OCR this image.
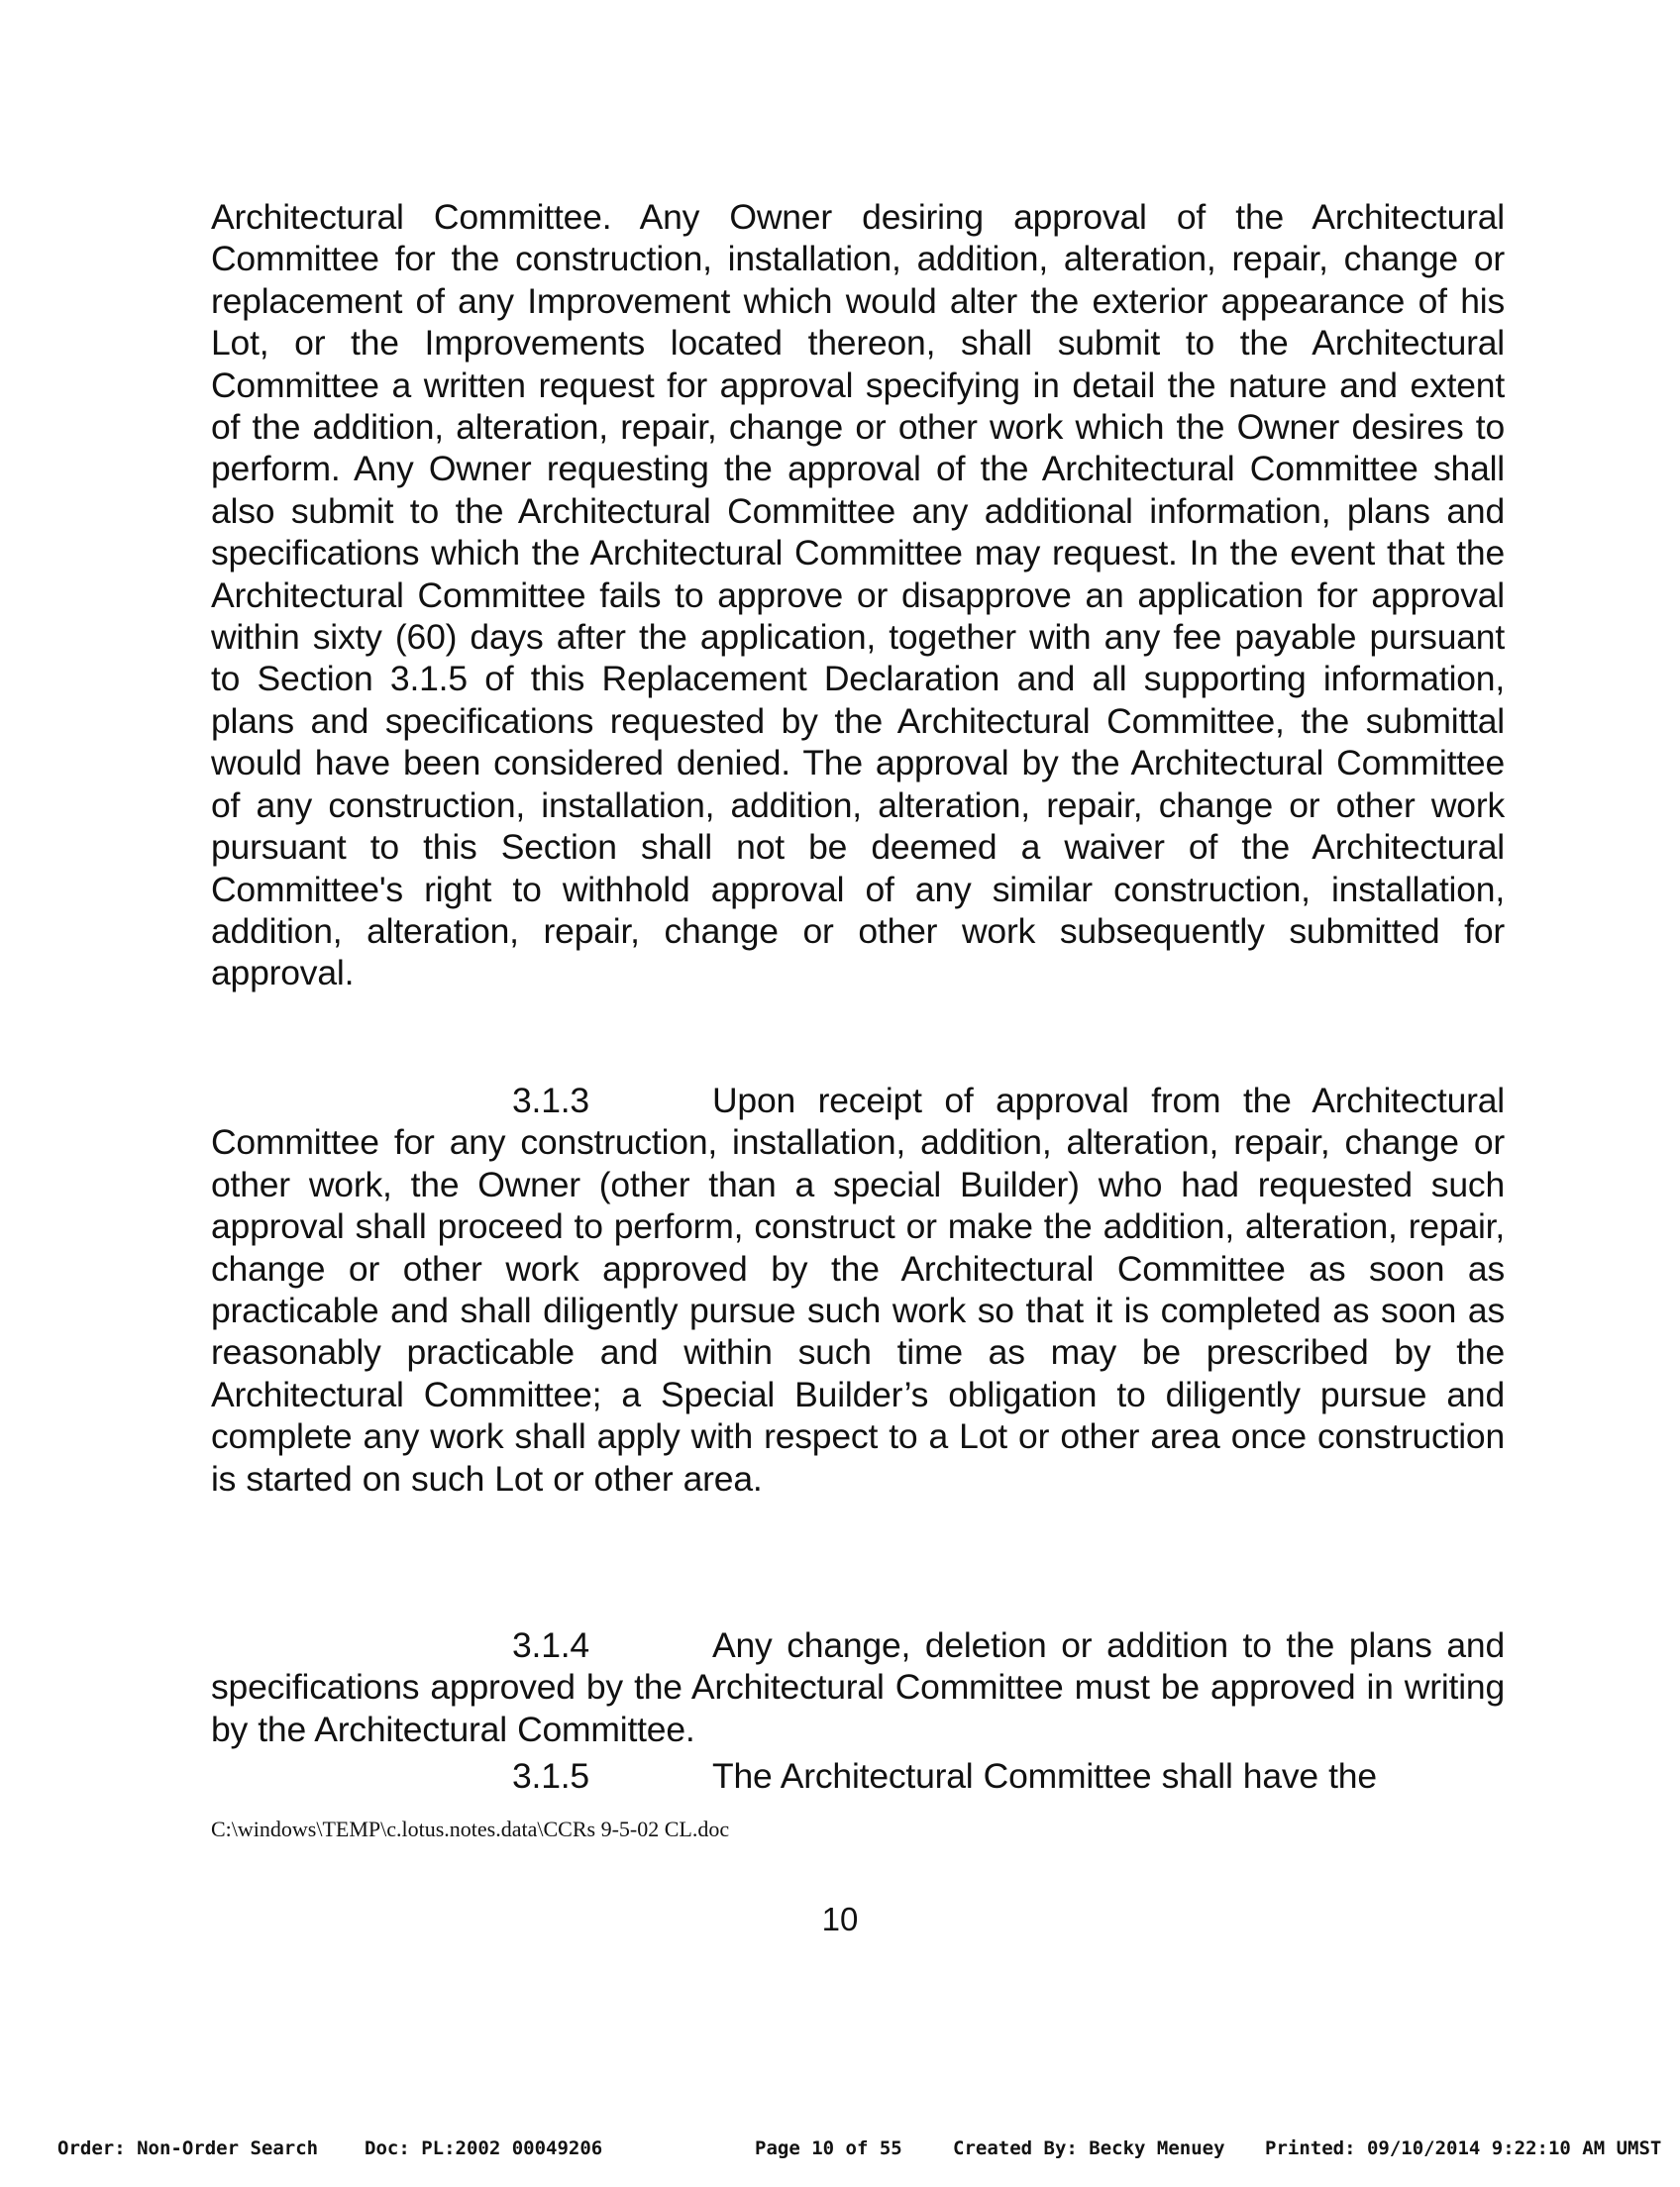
Architectural Committee. Any Owner desiring approval of the Architectural Committee for the construction, installation, addition, alteration, repair, change or replacement of any Improvement which would alter the exterior appearance of his Lot, or the Improvements located thereon, shall submit to the Architectural Committee a written request for approval specifying in detail the nature and extent of the addition, alteration, repair, change or other work which the Owner desires to perform. Any Owner requesting the approval of the Architectural Committee shall also submit to the Architectural Committee any additional information, plans and specifications which the Architectural Committee may request. In the event that the Architectural Committee fails to approve or disapprove an application for approval within sixty (60) days after the application, together with any fee payable pursuant to Section 3.1.5 of this Replacement Declaration and all supporting information, plans and specifications requested by the Architectural Committee, the submittal would have been considered denied. The approval by the Architectural Committee of any construction, installation, addition, alteration, repair, change or other work pursuant to this Section shall not be deemed a waiver of the Architectural Committee's right to withhold approval of any similar construction, installation, addition, alteration, repair, change or other work subsequently submitted for approval.
3.1.3	Upon receipt of approval from the Architectural Committee for any construction, installation, addition, alteration, repair, change or other work, the Owner (other than a special Builder) who had requested such approval shall proceed to perform, construct or make the addition, alteration, repair, change or other work approved by the Architectural Committee as soon as practicable and shall diligently pursue such work so that it is completed as soon as reasonably practicable and within such time as may be prescribed by the Architectural Committee; a Special Builder’s obligation to diligently pursue and complete any work shall apply with respect to a Lot or other area once construction is started on such Lot or other area.
3.1.4	Any change, deletion or addition to the plans and specifications approved by the Architectural Committee must be approved in writing by the Architectural Committee.
3.1.5	The Architectural Committee shall have the
C:\windows\TEMP\c.lotus.notes.data\CCRs 9-5-02 CL.doc
10
Order: Non-Order Search Doc: PL:2002 00049206	Page 10 of 55	Created By: Becky Menuey Printed: 09/10/2014 9:22:10 AM UMST
